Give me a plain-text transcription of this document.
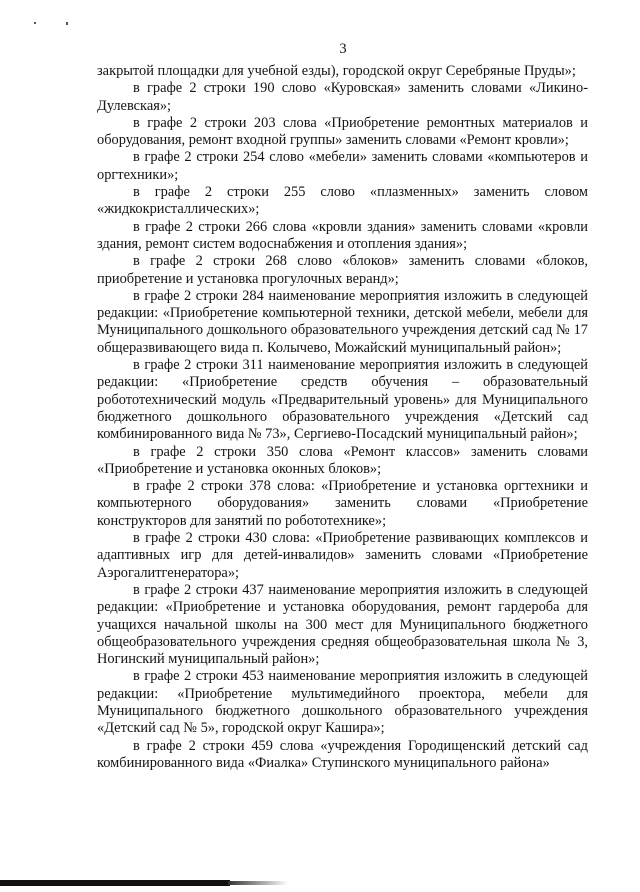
3

закрытой площадки для учебной езды), городской округ Серебряные Пруды»;

в графе 2 строки 190 слово «Куровская» заменить словами «Ликино-Дулевская»;

в графе 2 строки 203 слова «Приобретение ремонтных материалов и оборудования, ремонт входной группы» заменить словами «Ремонт кровли»;

в графе 2 строки 254 слово «мебели» заменить словами «компьютеров и оргтехники»;

в графе 2 строки 255 слово «плазменных» заменить словом «жидкокристаллических»;

в графе 2 строки 266 слова «кровли здания» заменить словами «кровли здания, ремонт систем водоснабжения и отопления здания»;

в графе 2 строки 268 слово «блоков» заменить словами «блоков, приобретение и установка прогулочных веранд»;

в графе 2 строки 284 наименование мероприятия изложить в следующей редакции: «Приобретение компьютерной техники, детской мебели, мебели для Муниципального дошкольного образовательного учреждения детский сад № 17 общеразвивающего вида п. Колычево, Можайский муниципальный район»;

в графе 2 строки 311 наименование мероприятия изложить в следующей редакции: «Приобретение средств обучения – образовательный робототехнический модуль «Предварительный уровень» для Муниципального бюджетного дошкольного образовательного учреждения «Детский сад комбинированного вида № 73», Сергиево-Посадский муниципальный район»;

в графе 2 строки 350 слова «Ремонт классов» заменить словами «Приобретение и установка оконных блоков»;

в графе 2 строки 378 слова: «Приобретение и установка оргтехники и компьютерного оборудования» заменить словами «Приобретение конструкторов для занятий по робототехнике»;

в графе 2 строки 430 слова: «Приобретение развивающих комплексов и адаптивных игр для детей-инвалидов» заменить словами «Приобретение Аэрогалитгенератора»;

в графе 2 строки 437 наименование мероприятия изложить в следующей редакции: «Приобретение и установка оборудования, ремонт гардероба для учащихся начальной школы на 300 мест для Муниципального бюджетного общеобразовательного учреждения средняя общеобразовательная школа № 3, Ногинский муниципальный район»;

в графе 2 строки 453 наименование мероприятия изложить в следующей редакции: «Приобретение мультимедийного проектора, мебели для Муниципального бюджетного дошкольного образовательного учреждения «Детский сад № 5», городской округ Кашира»;

в графе 2 строки 459 слова «учреждения Городищенский детский сад комбинированного вида «Фиалка» Ступинского муниципального района»
